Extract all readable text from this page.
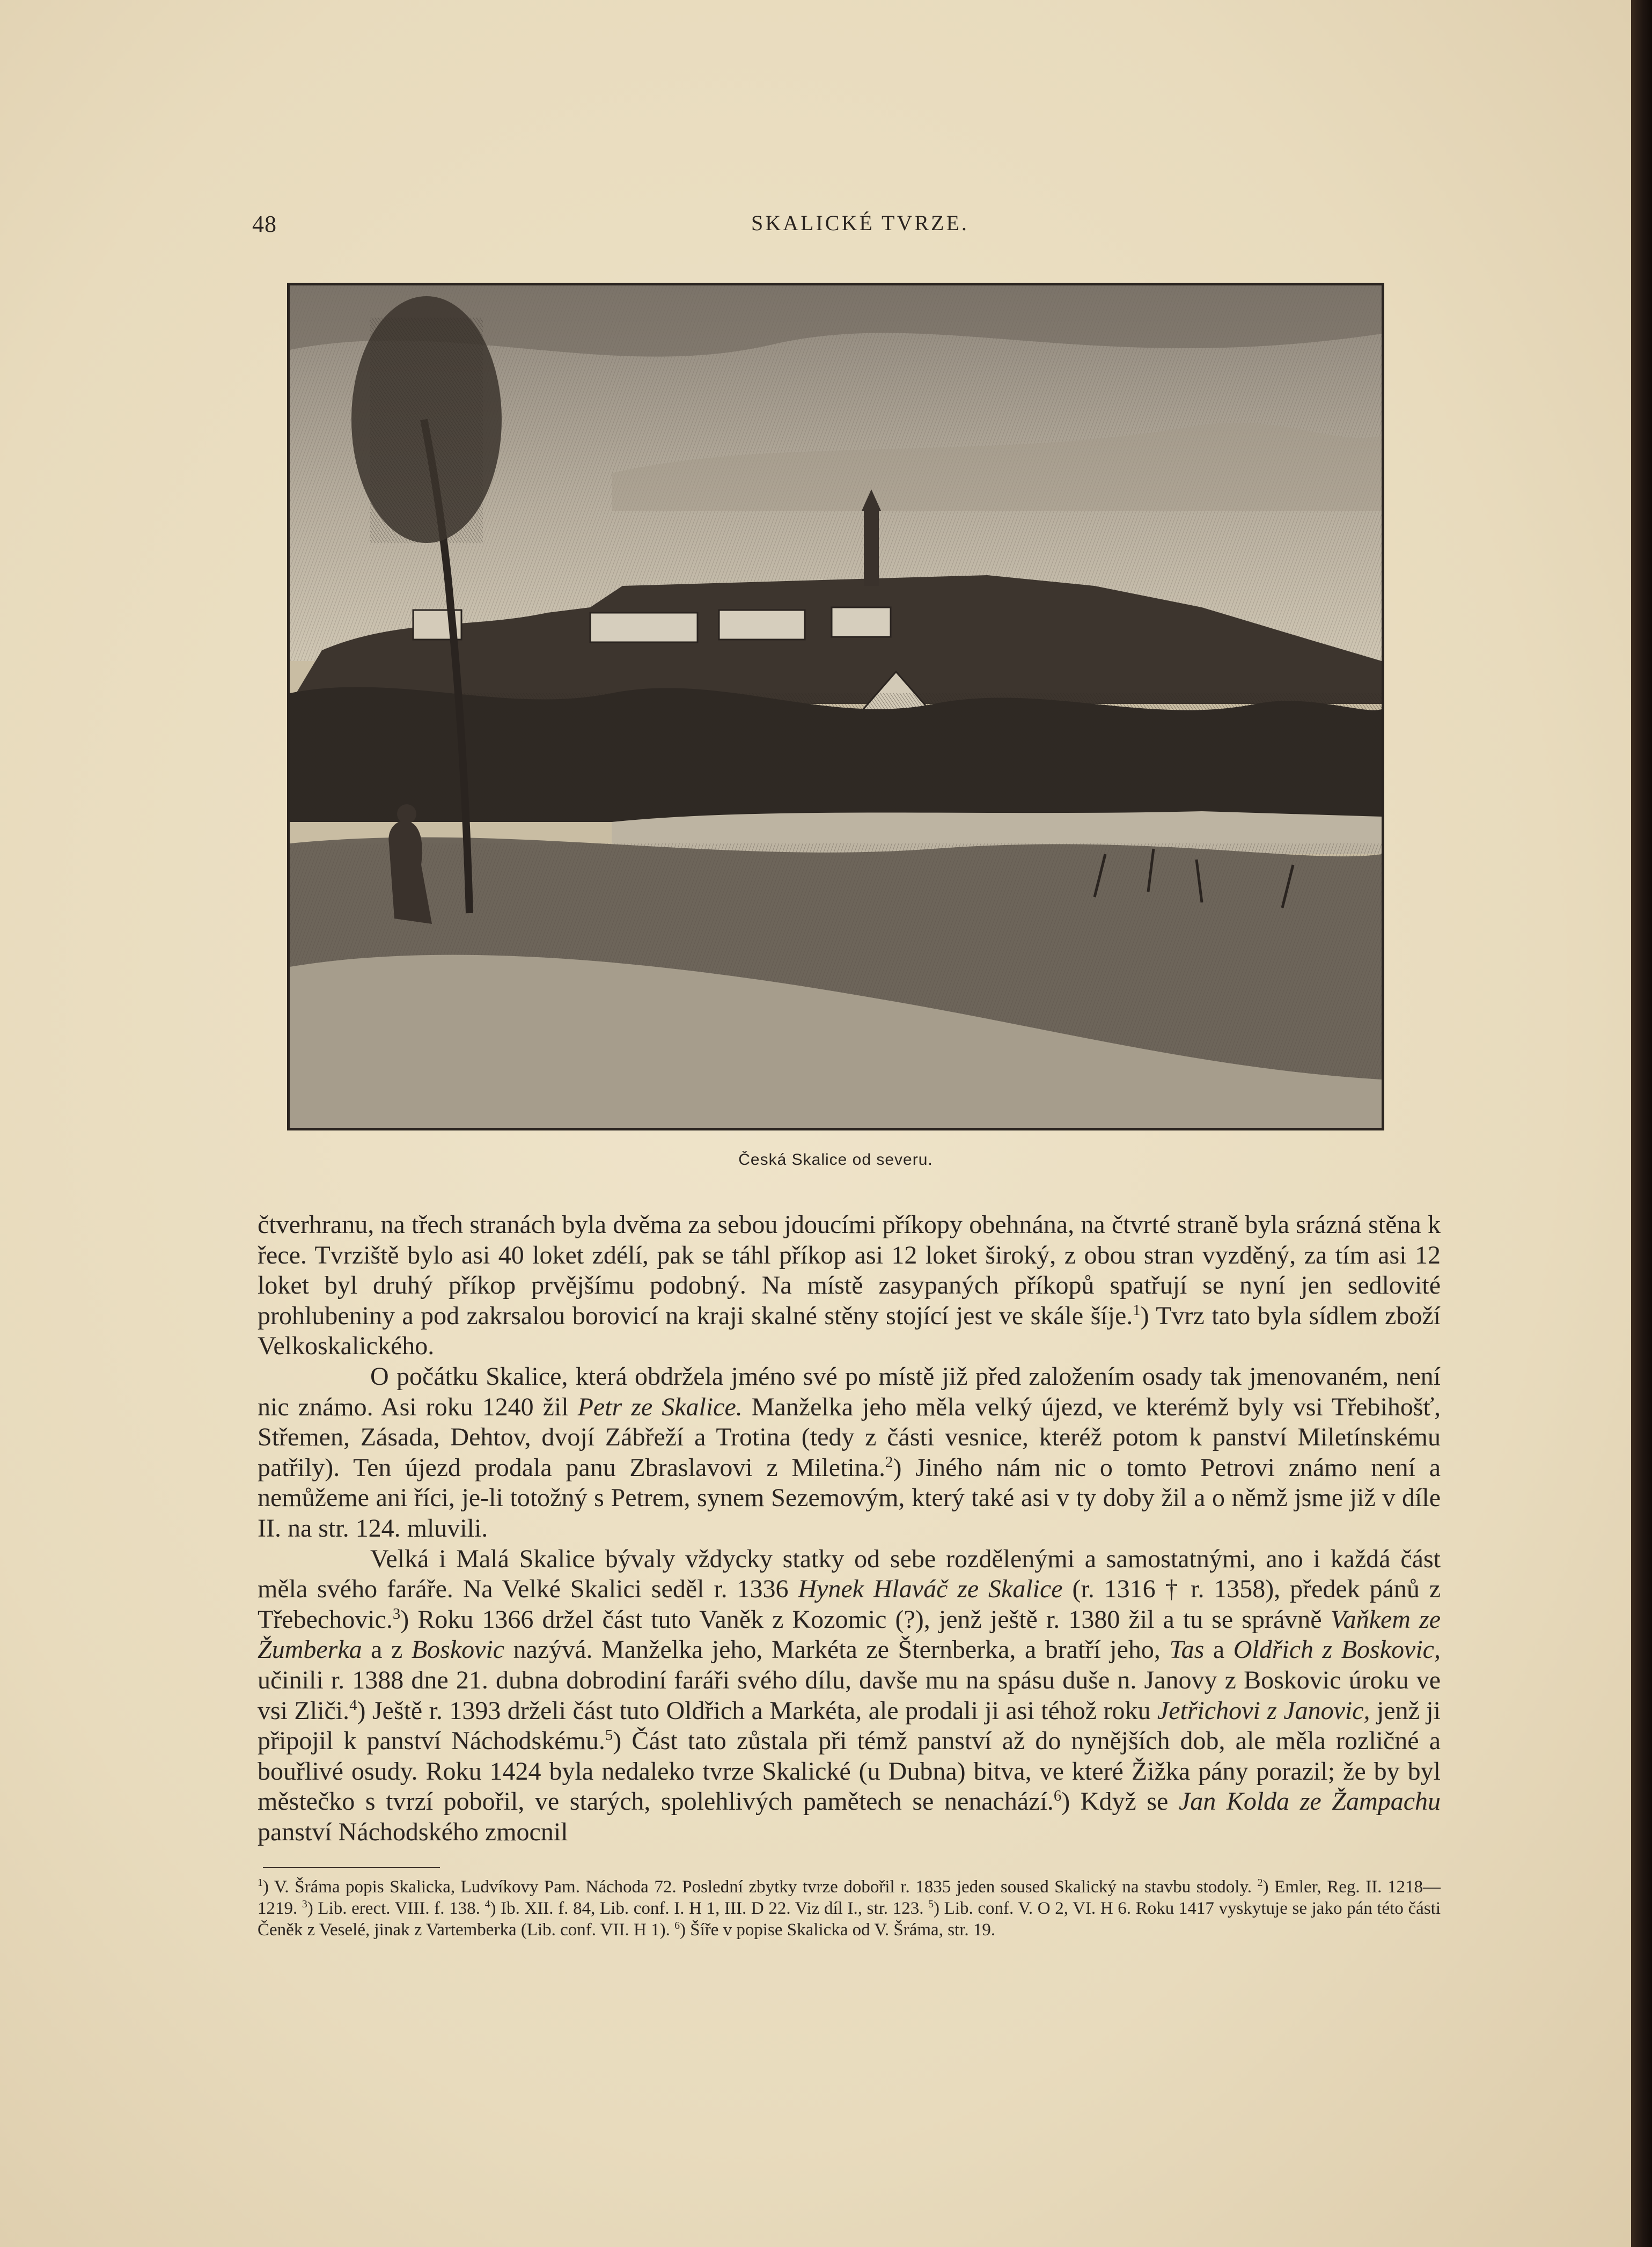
48	SKALICKÉ TVRZE.
Česká Skalice od severu.

čtverhranu, na třech stranách byla dvěma za sebou jdoucími příkopy obehnána, na čtvrté straně byla srázná stěna k řece. Tvrziště bylo asi 40 loket zdélí, pak se táhl příkop asi 12 loket široký, z obou stran vyzděný, za tím asi 12 loket byl druhý příkop prvějšímu podobný. Na místě zasypaných příkopů spatřují se nyní jen sedlovité prohlubeniny a pod zakrsalou borovicí na kraji skalné stěny stojící jest ve skále šíje.$^1$) Tvrz tato byla sídlem zboží Velkoskalického.

O počátku Skalice, která obdržela jméno své po místě již před založením osady tak jmenovaném, není nic známo. Asi roku 1240 žil Petr ze Skalice. Manželka jeho měla velký újezd, ve kterémž byly vsi Třebihošť, Střemen, Zásada, Dehtov, dvojí Zábřeží a Trotina (tedy z části vesnice, kteréž potom k panství Miletínskému patřily). Ten újezd prodala panu Zbraslavovi z Miletina.$^2$) Jiného nám nic o tomto Petrovi známo není a nemůžeme ani říci, je-li totožný s Petrem, synem Sezemovým, který také asi v ty doby žil a o němž jsme již v díle II. na str. 124. mluvili.

Velká i Malá Skalice bývaly vždycky statky od sebe rozdělenými a samostatnými, ano i každá část měla svého faráře. Na Velké Skalici seděl r. 1336 Hynek Hlaváč ze Skalice (r. 1316 † r. 1358), předek pánů z Třebechovic.$^3$) Roku 1366 držel část tuto Vaněk z Kozomic (?), jenž ještě r. 1380 žil a tu se správně Vaňkem ze Žumberka a z Boskovic nazývá. Manželka jeho, Markéta ze Šternberka, a bratří jeho, Tas a Oldřich z Boskovic, učinili r. 1388 dne 21. dubna dobrodiní faráři svého dílu, davše mu na spásu duše n. Janovy z Boskovic úroku ve vsi Zliči.$^4$) Ještě r. 1393 drželi část tuto Oldřich a Markéta, ale prodali ji asi téhož roku Jetřichovi z Janovic, jenž ji připojil k panství Náchodskému.$^5$) Část tato zůstala při témž panství až do nynějších dob, ale měla rozličné a bouřlivé osudy. Roku 1424 byla nedaleko tvrze Skalické (u Dubna) bitva, ve které Žižka pány porazil; že by byl městečko s tvrzí pobořil, ve starých, spolehlivých pamětech se nenachází.$^6$) Když se Jan Kolda ze Žampachu panství Náchodského zmocnil

$^1$) V. Šráma popis Skalicka, Ludvíkovy Pam. Náchoda 72. Poslední zbytky tvrze dobořil r. 1835 jeden soused Skalický na stavbu stodoly. $^2$) Emler, Reg. II. 1218—1219. $^3$) Lib. erect. VIII. f. 138. $^4$) Ib. XII. f. 84, Lib. conf. I. H 1, III. D 22. Viz díl I., str. 123. $^5$) Lib. conf. V. O 2, VI. H 6. Roku 1417 vyskytuje se jako pán této části Čeněk z Veselé, jinak z Vartemberka (Lib. conf. VII. H 1). $^6$) Šíře v popise Skalicka od V. Šráma, str. 19.
